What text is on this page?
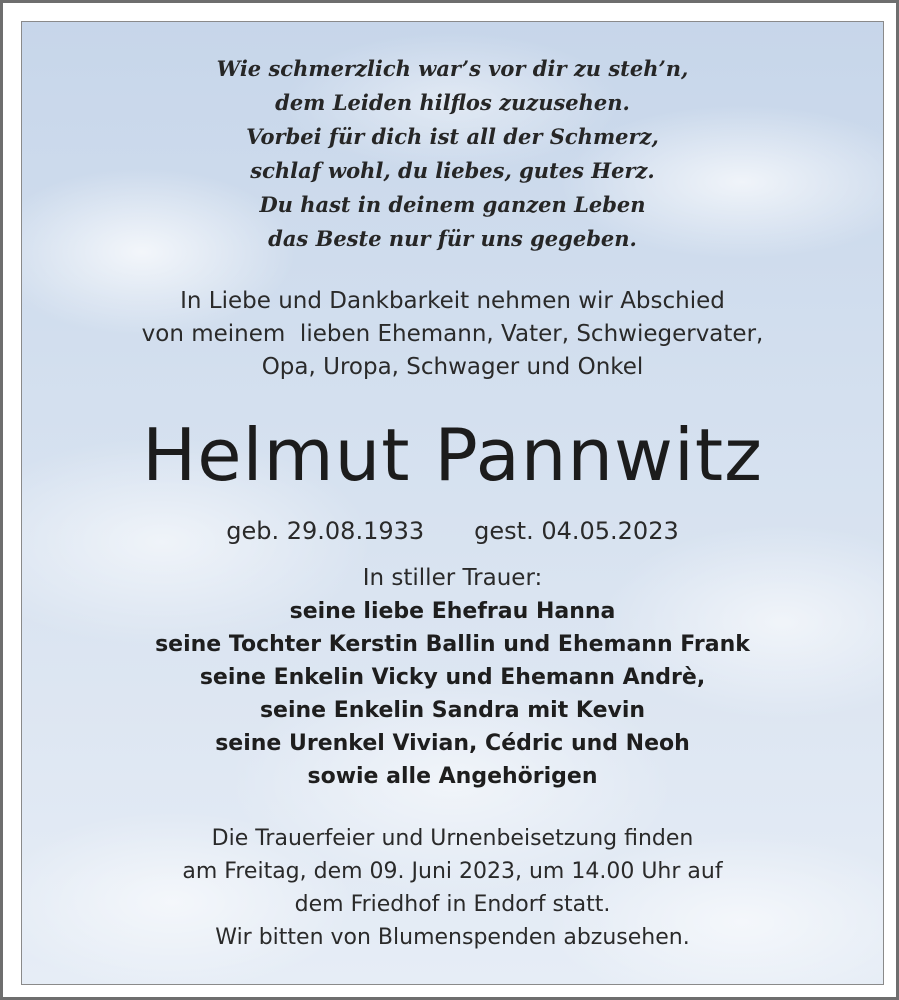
Wie schmerzlich war’s vor dir zu steh’n,
dem Leiden hilflos zuzusehen.
Vorbei für dich ist all der Schmerz,
schlaf wohl, du liebes, gutes Herz.
Du hast in deinem ganzen Leben
das Beste nur für uns gegeben.
In Liebe und Dankbarkeit nehmen wir Abschied
von meinem  lieben Ehemann, Vater, Schwiegervater,
Opa, Uropa, Schwager und Onkel
Helmut Pannwitz
geb. 29.08.1933 gest. 04.05.2023
In stiller Trauer:
seine liebe Ehefrau Hanna
seine Tochter Kerstin Ballin und Ehemann Frank
seine Enkelin Vicky und Ehemann Andrè,
seine Enkelin Sandra mit Kevin
seine Urenkel Vivian, Cédric und Neoh
sowie alle Angehörigen
Die Trauerfeier und Urnenbeisetzung finden
am Freitag, dem 09. Juni 2023, um 14.00 Uhr auf
dem Friedhof in Endorf statt.
Wir bitten von Blumenspenden abzusehen.
